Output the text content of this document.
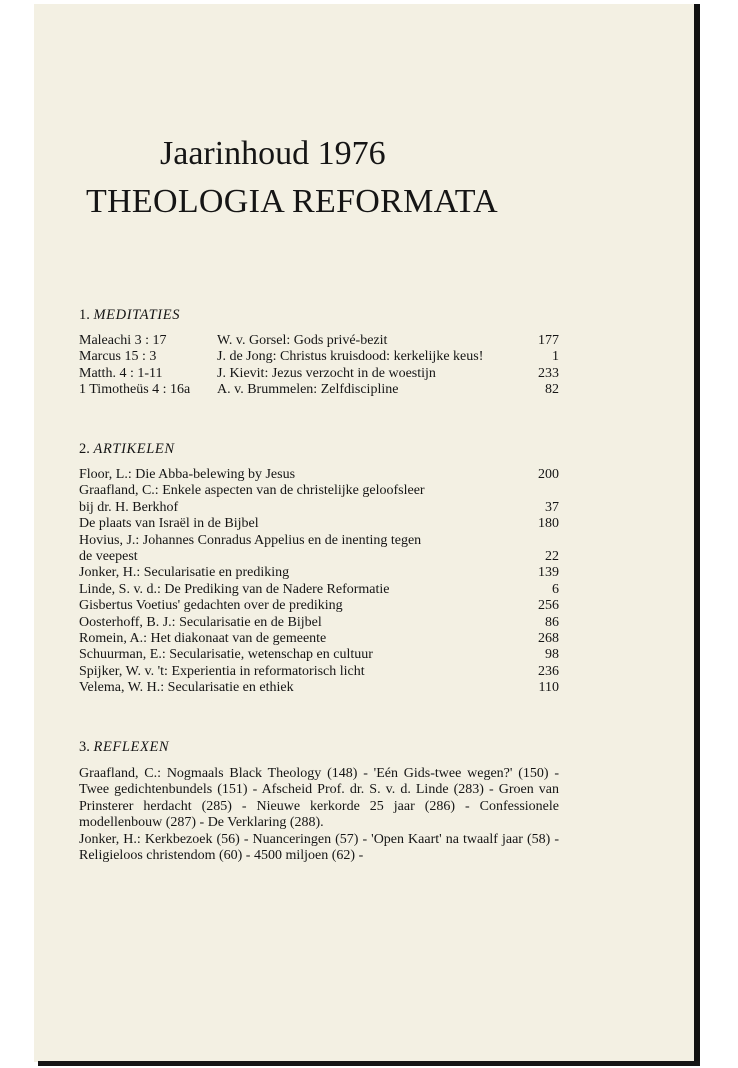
Jaarinhoud 1976
THEOLOGIA REFORMATA
1. MEDITATIES
Maleachi 3 : 17	W. v. Gorsel: Gods privé-bezit	177
Marcus 15 : 3	J. de Jong: Christus kruisdood: kerkelijke keus!	1
Matth. 4 : 1-11	J. Kievit: Jezus verzocht in de woestijn	233
1 Timotheüs 4 : 16a A. v. Brummelen: Zelfdiscipline	82
2. ARTIKELEN
Floor, L.: Die Abba-belewing by Jesus	200
Graafland, C.: Enkele aspecten van de christelijke geloofsleer
bij dr. H. Berkhof	37
De plaats van Israël in de Bijbel	180
Hovius, J.: Johannes Conradus Appelius en de inenting tegen
de veepest	22
Jonker, H.: Secularisatie en prediking	139
Linde, S. v. d.: De Prediking van de Nadere Reformatie	6
Gisbertus Voetius' gedachten over de prediking	256
Oosterhoff, B. J.: Secularisatie en de Bijbel	86
Romein, A.: Het diakonaat van de gemeente	268
Schuurman, E.: Secularisatie, wetenschap en cultuur	98
Spijker, W. v. 't: Experientia in reformatorisch licht	236
Velema, W. H.: Secularisatie en ethiek	110
3. REFLEXEN

Graafland, C.: Nogmaals Black Theology (148) - 'Eén Gids-twee wegen?' (150) - Twee gedichtenbundels (151) - Afscheid Prof. dr. S. v. d. Linde (283) - Groen van Prinsterer herdacht (285) - Nieuwe kerkorde 25 jaar (286) - Confessionele modellenbouw (287) - De Verklaring (288).

Jonker, H.: Kerkbezoek (56) - Nuanceringen (57) - 'Open Kaart' na twaalf jaar (58) - Religieloos christendom (60) - 4500 miljoen (62) -
